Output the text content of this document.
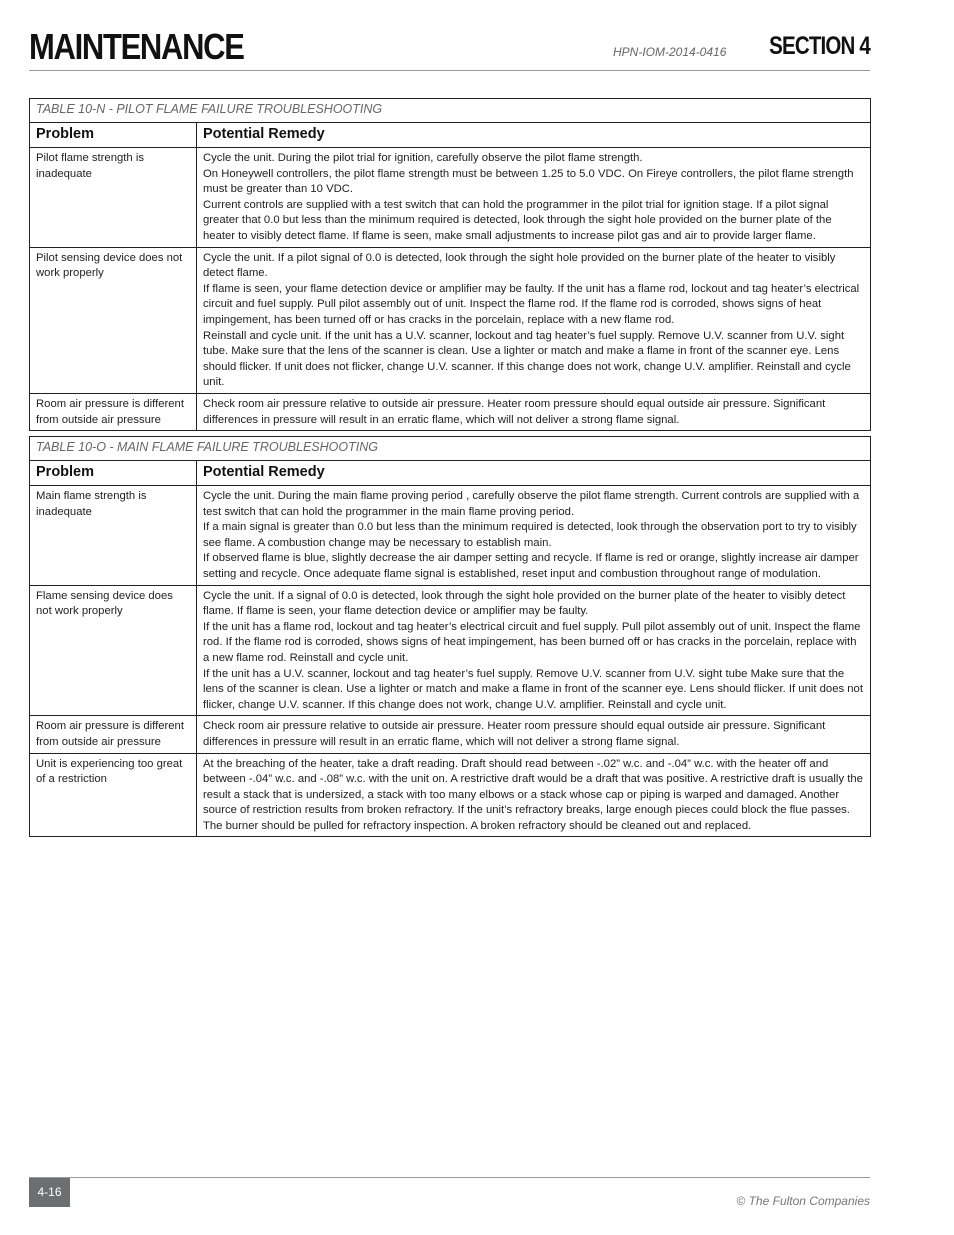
MAINTENANCE	HPN-IOM-2014-0416 SECTION 4
TABLE 10-N - PILOT FLAME FAILURE TROUBLESHOOTING	
Problem	Potential Remedy
Pilot flame strength is inadequate	Cycle the unit. During the pilot trial for ignition, carefully observe the pilot flame strength.

On Honeywell controllers, the pilot flame strength must be between 1.25 to 5.0 VDC. On Fireye controllers, the pilot flame strength must be greater than 10 VDC.

Current controls are supplied with a test switch that can hold the programmer in the pilot trial for ignition stage. If a pilot signal greater that 0.0 but less than the minimum required is detected, look through the sight hole provided on the burner plate of the heater to visibly detect flame. If flame is seen, make small adjustments to increase pilot gas and air to provide larger flame.

Pilot sensing device does not work properly	Cycle the unit. If a pilot signal of 0.0 is detected, look through the sight hole provided on the burner plate of the heater to visibly detect flame.

If flame is seen, your flame detection device or amplifier may be faulty. If the unit has a flame rod, lockout and tag heater’s electrical circuit and fuel supply. Pull pilot assembly out of unit. Inspect the flame rod. If the flame rod is corroded, shows signs of heat impingement, has been turned off or has cracks in the porcelain, replace with a new flame rod.

Reinstall and cycle unit. If the unit has a U.V. scanner, lockout and tag heater’s fuel supply. Remove U.V. scanner from U.V. sight tube. Make sure that the lens of the scanner is clean. Use a lighter or match and make a flame in front of the scanner eye. Lens should flicker. If unit does not flicker, change U.V. scanner. If this change does not work, change U.V. amplifier. Reinstall and cycle unit.

Room air pressure is different from outside air pressure	Check room air pressure relative to outside air pressure. Heater room pressure should equal outside air pressure. Significant differences in pressure will result in an erratic flame, which will not deliver a strong flame signal.

TABLE 10-O - MAIN FLAME FAILURE TROUBLESHOOTING	
Problem	Potential Remedy
Main flame strength is inadequate	Cycle the unit. During the main flame proving period , carefully observe the pilot flame strength. Current controls are supplied with a test switch that can hold the programmer in the main flame proving period.

If a main signal is greater than 0.0 but less than the minimum required is detected, look through the observation port to try to visibly see flame. A combustion change may be necessary to establish main.

If observed flame is blue, slightly decrease the air damper setting and recycle. If flame is red or orange, slightly increase air damper setting and recycle. Once adequate flame signal is established, reset input and combustion throughout range of modulation.

Flame sensing device does not work properly	Cycle the unit. If a signal of 0.0 is detected, look through the sight hole provided on the burner plate of the heater to visibly detect flame. If flame is seen, your flame detection device or amplifier may be faulty.

If the unit has a flame rod, lockout and tag heater’s electrical circuit and fuel supply. Pull pilot assembly out of unit. Inspect the flame rod. If the flame rod is corroded, shows signs of heat impingement, has been burned off or has cracks in the porcelain, replace with a new flame rod. Reinstall and cycle unit.

If the unit has a U.V. scanner, lockout and tag heater’s fuel supply. Remove U.V. scanner from U.V. sight tube Make sure that the lens of the scanner is clean. Use a lighter or match and make a flame in front of the scanner eye. Lens should flicker. If unit does not flicker, change U.V. scanner. If this change does not work, change U.V. amplifier. Reinstall and cycle unit.

Room air pressure is different from outside air pressure	Check room air pressure relative to outside air pressure. Heater room pressure should equal outside air pressure. Significant differences in pressure will result in an erratic flame, which will not deliver a strong flame signal.

Unit is experiencing too great of a restriction	At the breaching of the heater, take a draft reading. Draft should read between -.02” w.c. and -.04” w.c. with the heater off and between -.04” w.c. and -.08” w.c. with the unit on. A restrictive draft would be a draft that was positive. A restrictive draft is usually the result a stack that is undersized, a stack with too many elbows or a stack whose cap or piping is warped and damaged. Another source of restriction results from broken refractory. If the unit’s refractory breaks, large enough pieces could block the flue passes. The burner should be pulled for refractory inspection. A broken refractory should be cleaned out and replaced.

4-16
© The Fulton Companies
